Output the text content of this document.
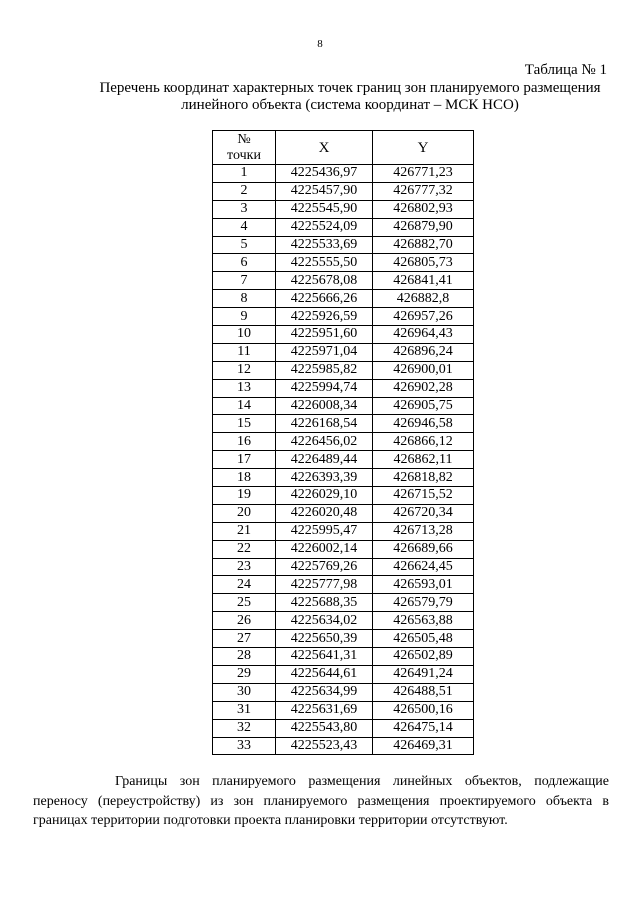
8
Таблица № 1
Перечень координат характерных точек границ зон планируемого размещения
линейного объекта (система координат – МСК НСО)
№
точки	X	Y
1	4225436,97	426771,23
2	4225457,90	426777,32
3	4225545,90	426802,93
4	4225524,09	426879,90
5	4225533,69	426882,70
6	4225555,50	426805,73
7	4225678,08	426841,41
8	4225666,26	426882,8
9	4225926,59	426957,26
10	4225951,60	426964,43
11	4225971,04	426896,24
12	4225985,82	426900,01
13	4225994,74	426902,28
14	4226008,34	426905,75
15	4226168,54	426946,58
16	4226456,02	426866,12
17	4226489,44	426862,11
18	4226393,39	426818,82
19	4226029,10	426715,52
20	4226020,48	426720,34
21	4225995,47	426713,28
22	4226002,14	426689,66
23	4225769,26	426624,45
24	4225777,98	426593,01
25	4225688,35	426579,79
26	4225634,02	426563,88
27	4225650,39	426505,48
28	4225641,31	426502,89
29	4225644,61	426491,24
30	4225634,99	426488,51
31	4225631,69	426500,16
32	4225543,80	426475,14
33	4225523,43	426469,31
Границы зон планируемого размещения линейных объектов, подлежащие переносу (переустройству) из зон планируемого размещения проектируемого объекта в границах территории подготовки проекта планировки территории отсутствуют.
